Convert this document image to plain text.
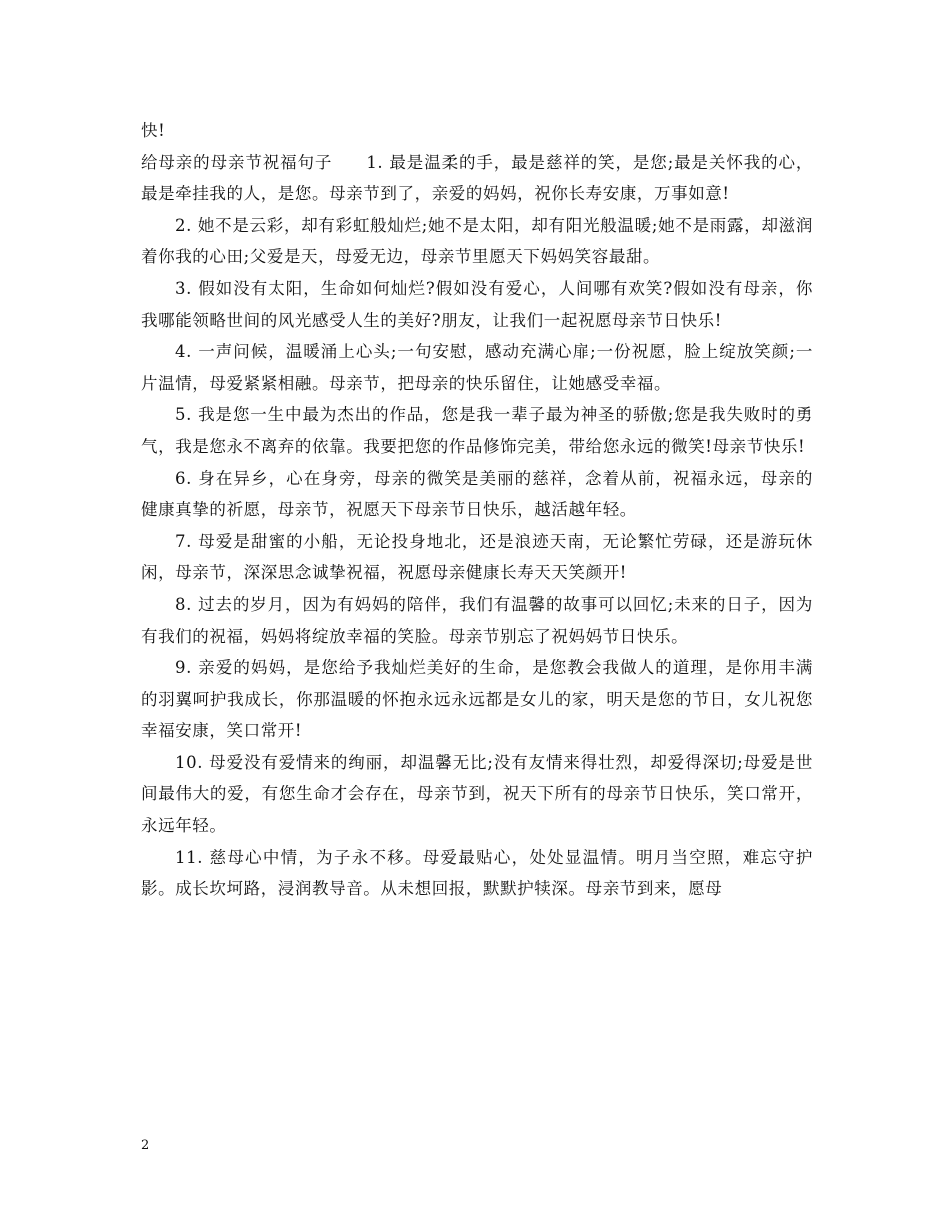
快!

给母亲的母亲节祝福句子 1. 最是温柔的手，最是慈祥的笑，是您;最是关怀我的心，最是牵挂我的人，是您。母亲节到了，亲爱的妈妈，祝你长寿安康，万事如意!

2. 她不是云彩，却有彩虹般灿烂;她不是太阳，却有阳光般温暖;她不是雨露，却滋润着你我的心田;父爱是天，母爱无边，母亲节里愿天下妈妈笑容最甜。

3. 假如没有太阳，生命如何灿烂?假如没有爱心，人间哪有欢笑?假如没有母亲，你我哪能领略世间的风光感受人生的美好?朋友，让我们一起祝愿母亲节日快乐!

4. 一声问候，温暖涌上心头;一句安慰，感动充满心扉;一份祝愿，脸上绽放笑颜;一片温情，母爱紧紧相融。母亲节，把母亲的快乐留住，让她感受幸福。

5. 我是您一生中最为杰出的作品，您是我一辈子最为神圣的骄傲;您是我失败时的勇气，我是您永不离弃的依靠。我要把您的作品修饰完美，带给您永远的微笑!母亲节快乐!

6. 身在异乡，心在身旁，母亲的微笑是美丽的慈祥，念着从前，祝福永远，母亲的健康真挚的祈愿，母亲节，祝愿天下母亲节日快乐，越活越年轻。

7. 母爱是甜蜜的小船，无论投身地北，还是浪迹天南，无论繁忙劳碌，还是游玩休闲，母亲节，深深思念诚挚祝福，祝愿母亲健康长寿天天笑颜开!

8. 过去的岁月，因为有妈妈的陪伴，我们有温馨的故事可以回忆;未来的日子，因为有我们的祝福，妈妈将绽放幸福的笑脸。母亲节别忘了祝妈妈节日快乐。

9. 亲爱的妈妈，是您给予我灿烂美好的生命，是您教会我做人的道理，是你用丰满的羽翼呵护我成长，你那温暖的怀抱永远永远都是女儿的家，明天是您的节日，女儿祝您幸福安康，笑口常开!

10. 母爱没有爱情来的绚丽，却温馨无比;没有友情来得壮烈，却爱得深切;母爱是世间最伟大的爱，有您生命才会存在，母亲节到，祝天下所有的母亲节日快乐，笑口常开，永远年轻。

11. 慈母心中情，为子永不移。母爱最贴心，处处显温情。明月当空照，难忘守护影。成长坎坷路，浸润教导音。从未想回报，默默护犊深。母亲节到来，愿母

2
